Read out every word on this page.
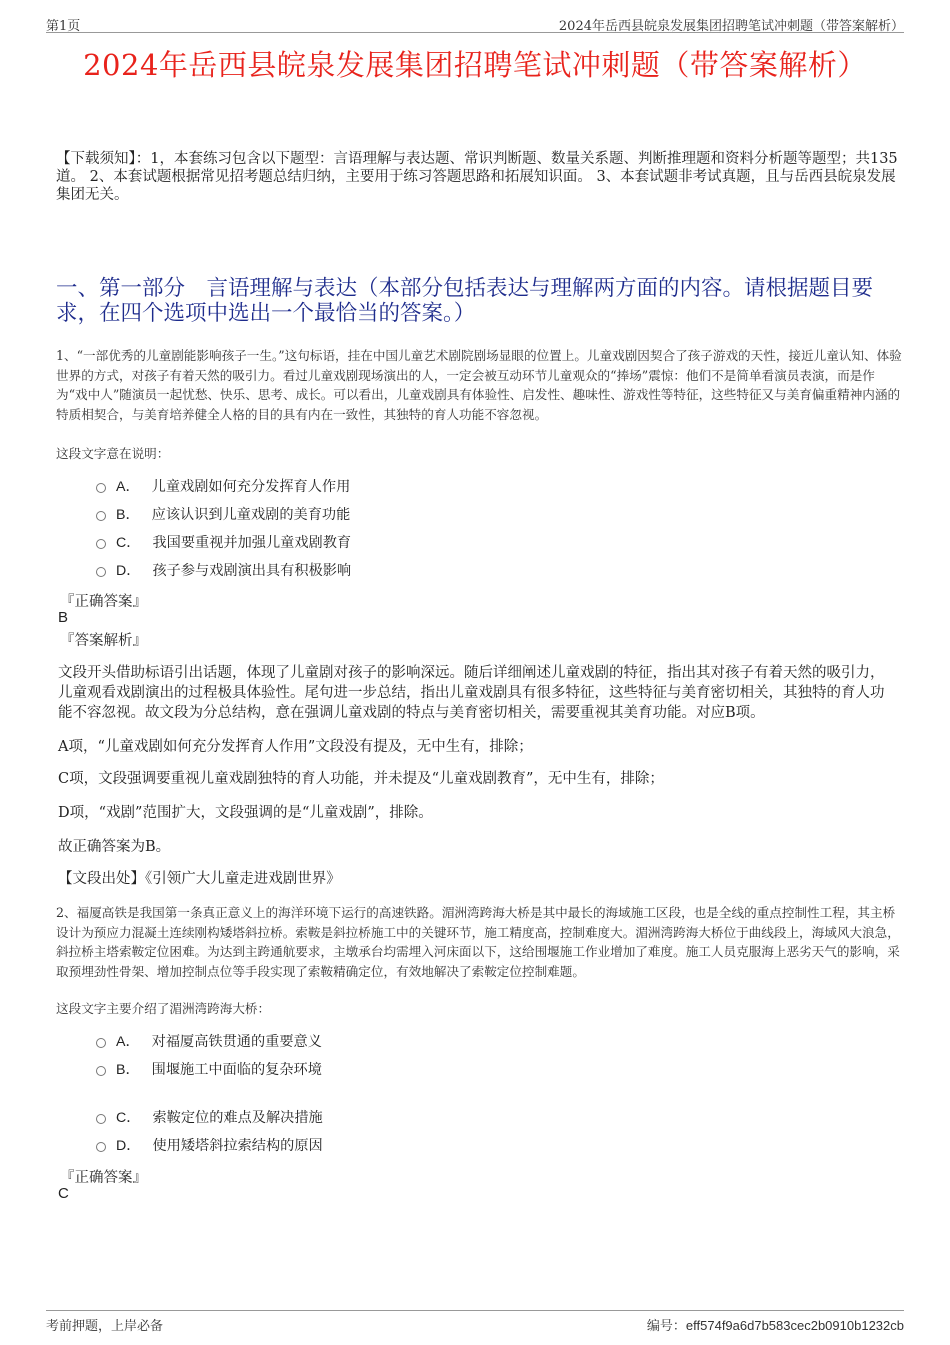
第1页	2024年岳西县皖泉发展集团招聘笔试冲刺题（带答案解析）
2024年岳西县皖泉发展集团招聘笔试冲刺题（带答案解析）
【下载须知】：1，本套练习包含以下题型：言语理解与表达题、常识判断题、数量关系题、判断推理题和资料分析题等题型；共135道。 2、本套试题根据常见招考题总结归纳，主要用于练习答题思路和拓展知识面。 3、本套试题非考试真题，且与岳西县皖泉发展集团无关。
一、第一部分　言语理解与表达（本部分包括表达与理解两方面的内容。请根据题目要求，在四个选项中选出一个最恰当的答案。）
1、“一部优秀的儿童剧能影响孩子一生。”这句标语，挂在中国儿童艺术剧院剧场显眼的位置上。儿童戏剧因契合了孩子游戏的天性，接近儿童认知、体验世界的方式，对孩子有着天然的吸引力。看过儿童戏剧现场演出的人，一定会被互动环节儿童观众的“捧场”震惊：他们不是简单看演员表演，而是作为“戏中人”随演员一起忧愁、快乐、思考、成长。可以看出，儿童戏剧具有体验性、启发性、趣味性、游戏性等特征，这些特征又与美育偏重精神内涵的特质相契合，与美育培养健全人格的目的具有内在一致性，其独特的育人功能不容忽视。
这段文字意在说明：
A． 儿童戏剧如何充分发挥育人作用
B． 应该认识到儿童戏剧的美育功能
C． 我国要重视并加强儿童戏剧教育
D． 孩子参与戏剧演出具有积极影响
『正确答案』
B
『答案解析』
文段开头借助标语引出话题，体现了儿童剧对孩子的影响深远。随后详细阐述儿童戏剧的特征，指出其对孩子有着天然的吸引力，儿童观看戏剧演出的过程极具体验性。尾句进一步总结，指出儿童戏剧具有很多特征，这些特征与美育密切相关，其独特的育人功能不容忽视。故文段为分总结构，意在强调儿童戏剧的特点与美育密切相关，需要重视其美育功能。对应B项。
A项，“儿童戏剧如何充分发挥育人作用”文段没有提及，无中生有，排除；
C项，文段强调要重视儿童戏剧独特的育人功能，并未提及“儿童戏剧教育”，无中生有，排除；
D项，“戏剧”范围扩大，文段强调的是“儿童戏剧”，排除。
故正确答案为B。
【文段出处】《引领广大儿童走进戏剧世界》
2、福厦高铁是我国第一条真正意义上的海洋环境下运行的高速铁路。湄洲湾跨海大桥是其中最长的海域施工区段，也是全线的重点控制性工程，其主桥设计为预应力混凝土连续刚构矮塔斜拉桥。索鞍是斜拉桥施工中的关键环节，施工精度高，控制难度大。湄洲湾跨海大桥位于曲线段上，海域风大浪急，斜拉桥主塔索鞍定位困难。为达到主跨通航要求，主墩承台均需埋入河床面以下，这给围堰施工作业增加了难度。施工人员克服海上恶劣天气的影响，采取预埋劲性骨架、增加控制点位等手段实现了索鞍精确定位，有效地解决了索鞍定位控制难题。
这段文字主要介绍了湄洲湾跨海大桥：
A． 对福厦高铁贯通的重要意义
B． 围堰施工中面临的复杂环境
C． 索鞍定位的难点及解决措施
D． 使用矮塔斜拉索结构的原因
『正确答案』
C
考前押题，上岸必备	编号：eff574f9a6d7b583cec2b0910b1232cb
